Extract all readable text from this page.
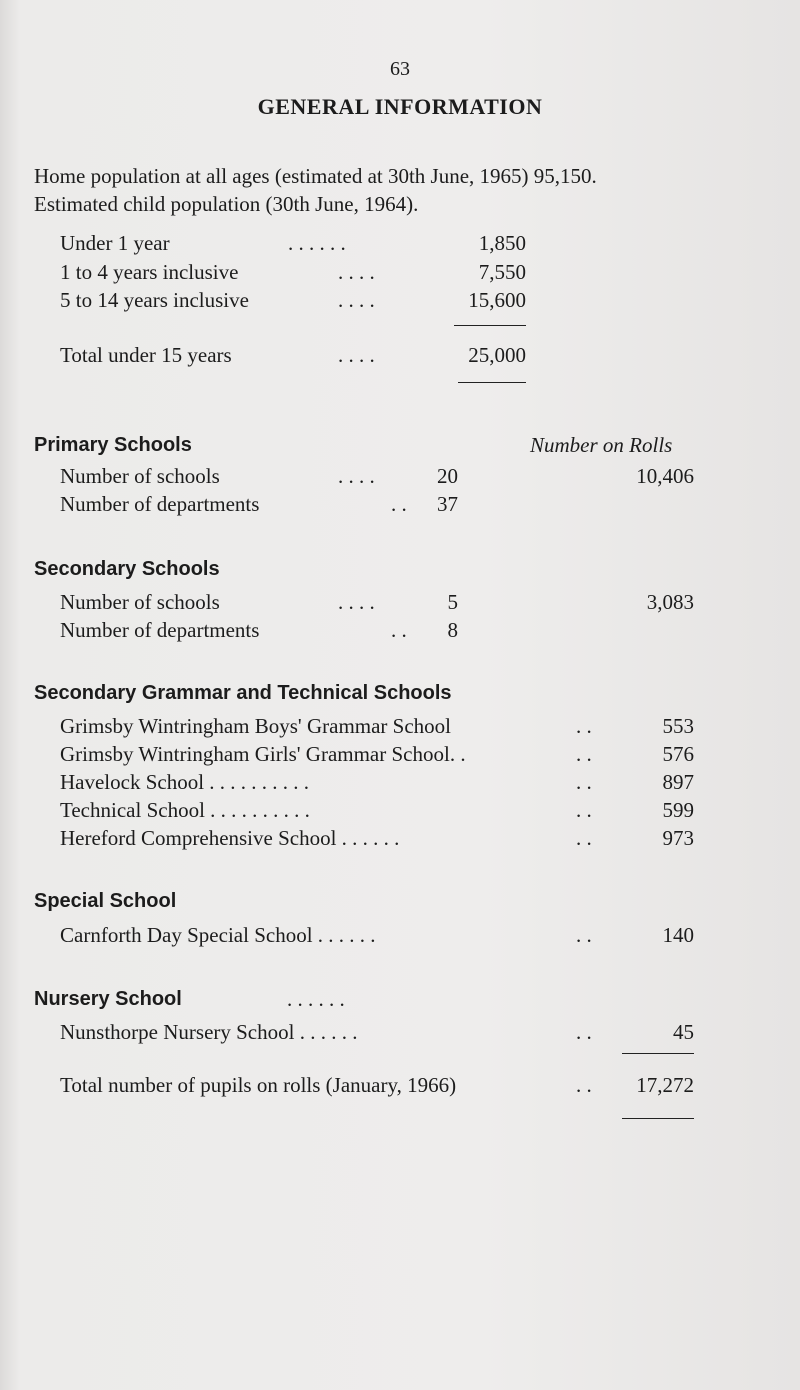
63
GENERAL INFORMATION
Home population at all ages (estimated at 30th June, 1965) 95,150.
Estimated child population (30th June, 1964).
Under 1 year	. . . . . .	1,850
1 to 4 years inclusive	. . . .	7,550
5 to 14 years inclusive	. . . .	15,600
Total under 15 years	. . . .	25,000
Primary Schools	Number on Rolls
Number of schools	. . . .	20	10,406
Number of departments	. .	37
Secondary Schools
Number of schools	. . . .	5	3,083
Number of departments	. .	8
Secondary Grammar and Technical Schools
Grimsby Wintringham Boys' Grammar School	. .	553
Grimsby Wintringham Girls' Grammar School. .	. .	576
Havelock School . . . . . . . . . .	. .	897
Technical School . . . . . . . . . .	. .	599
Hereford Comprehensive School . . . . . .	. .	973
Special School
Carnforth Day Special School . . . . . .	. .	140
Nursery School	. . . . . .
Nunsthorpe Nursery School . . . . . .	. .	45
Total number of pupils on rolls (January, 1966)	. .	17,272
